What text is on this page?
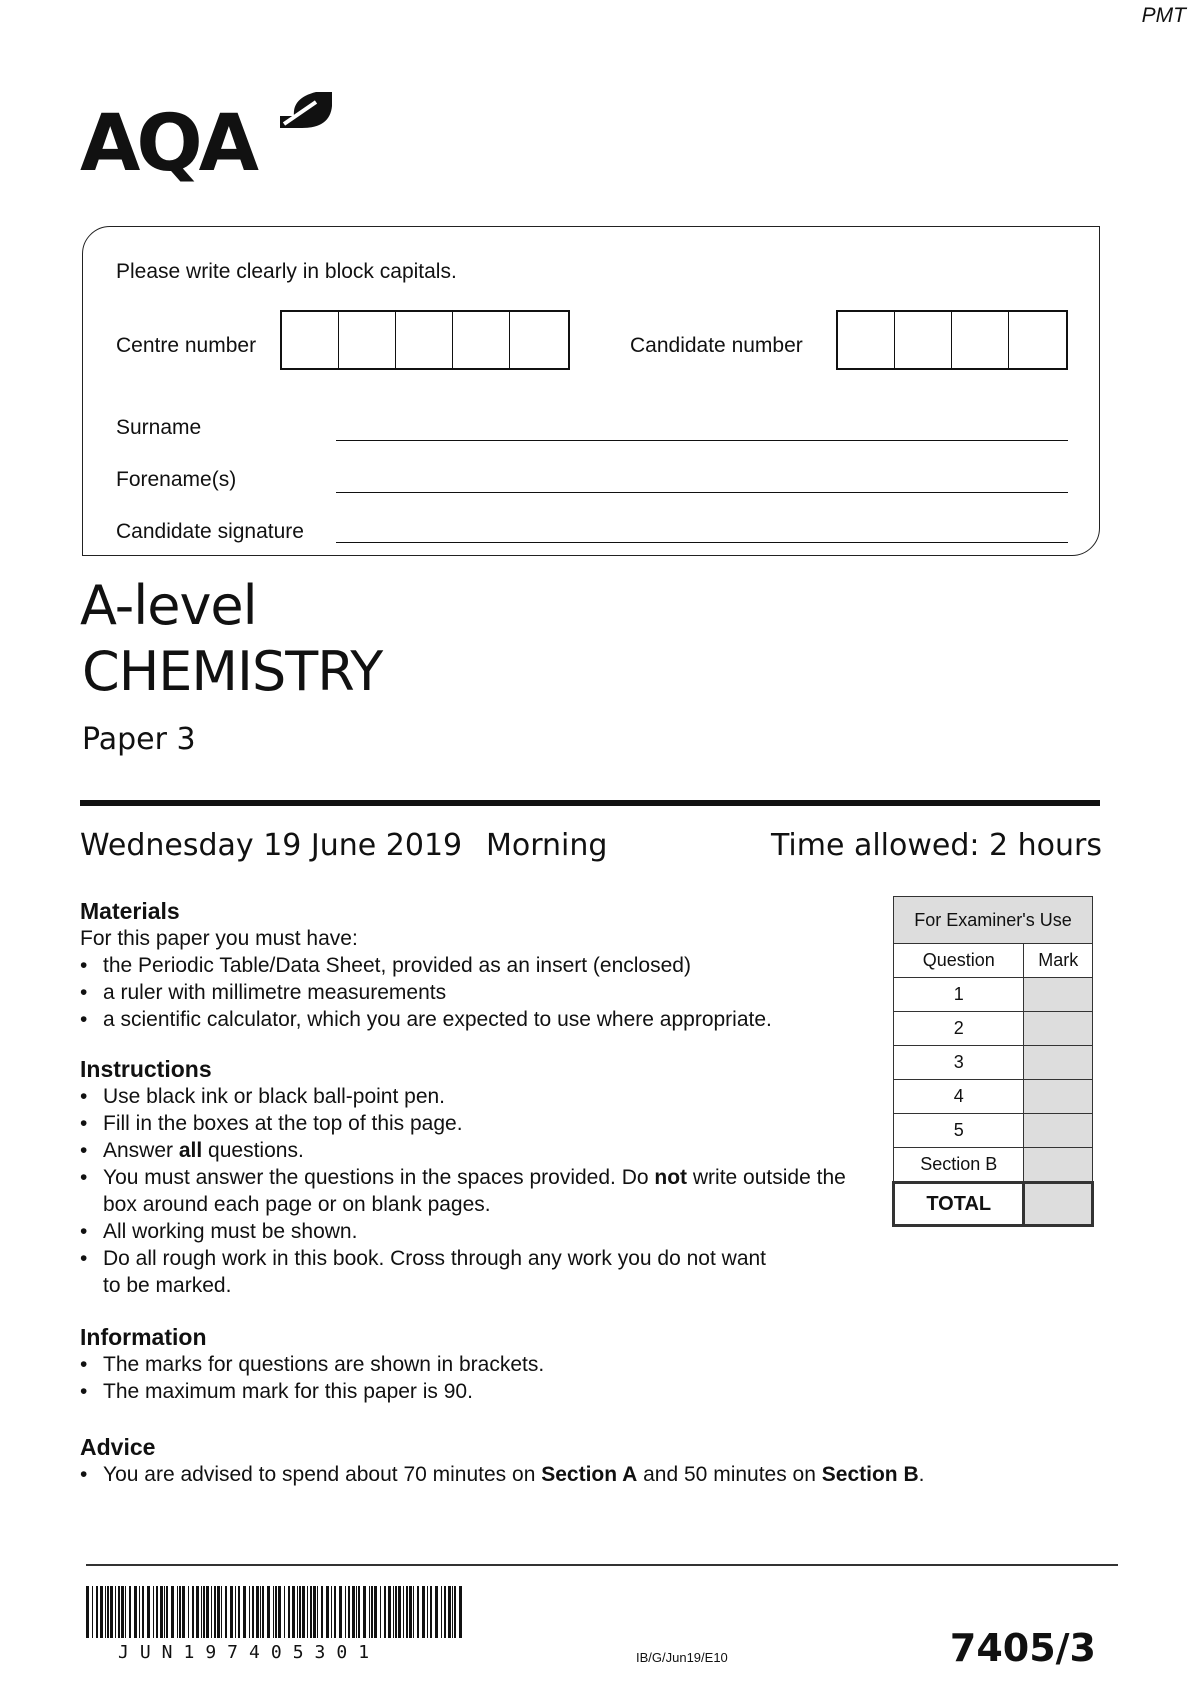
PMT
AQA
Please write clearly in block capitals.
Centre number	Candidate number
Surname
Forename(s)
Candidate signature
A-level
CHEMISTRY
Paper 3
Wednesday 19 June 2019 Morning	Time allowed: 2 hours
Materials
For this paper you must have:
• the Periodic Table/Data Sheet, provided as an insert (enclosed)
• a ruler with millimetre measurements
• a scientific calculator, which you are expected to use where appropriate.
Instructions
• Use black ink or black ball-point pen.
• Fill in the boxes at the top of this page.
• Answer all questions.
• You must answer the questions in the spaces provided. Do not write outside the box around each page or on blank pages.
• All working must be shown.
• Do all rough work in this book. Cross through any work you do not want to be marked.
Information
• The marks for questions are shown in brackets.
• The maximum mark for this paper is 90.
Advice
• You are advised to spend about 70 minutes on Section A and 50 minutes on Section B.
For Examiner's Use	
Question	Mark
1	
2	
3	
4	
5	
Section B	
TOTAL	
JUN197405301	IB/G/Jun19/E10	7405/3
